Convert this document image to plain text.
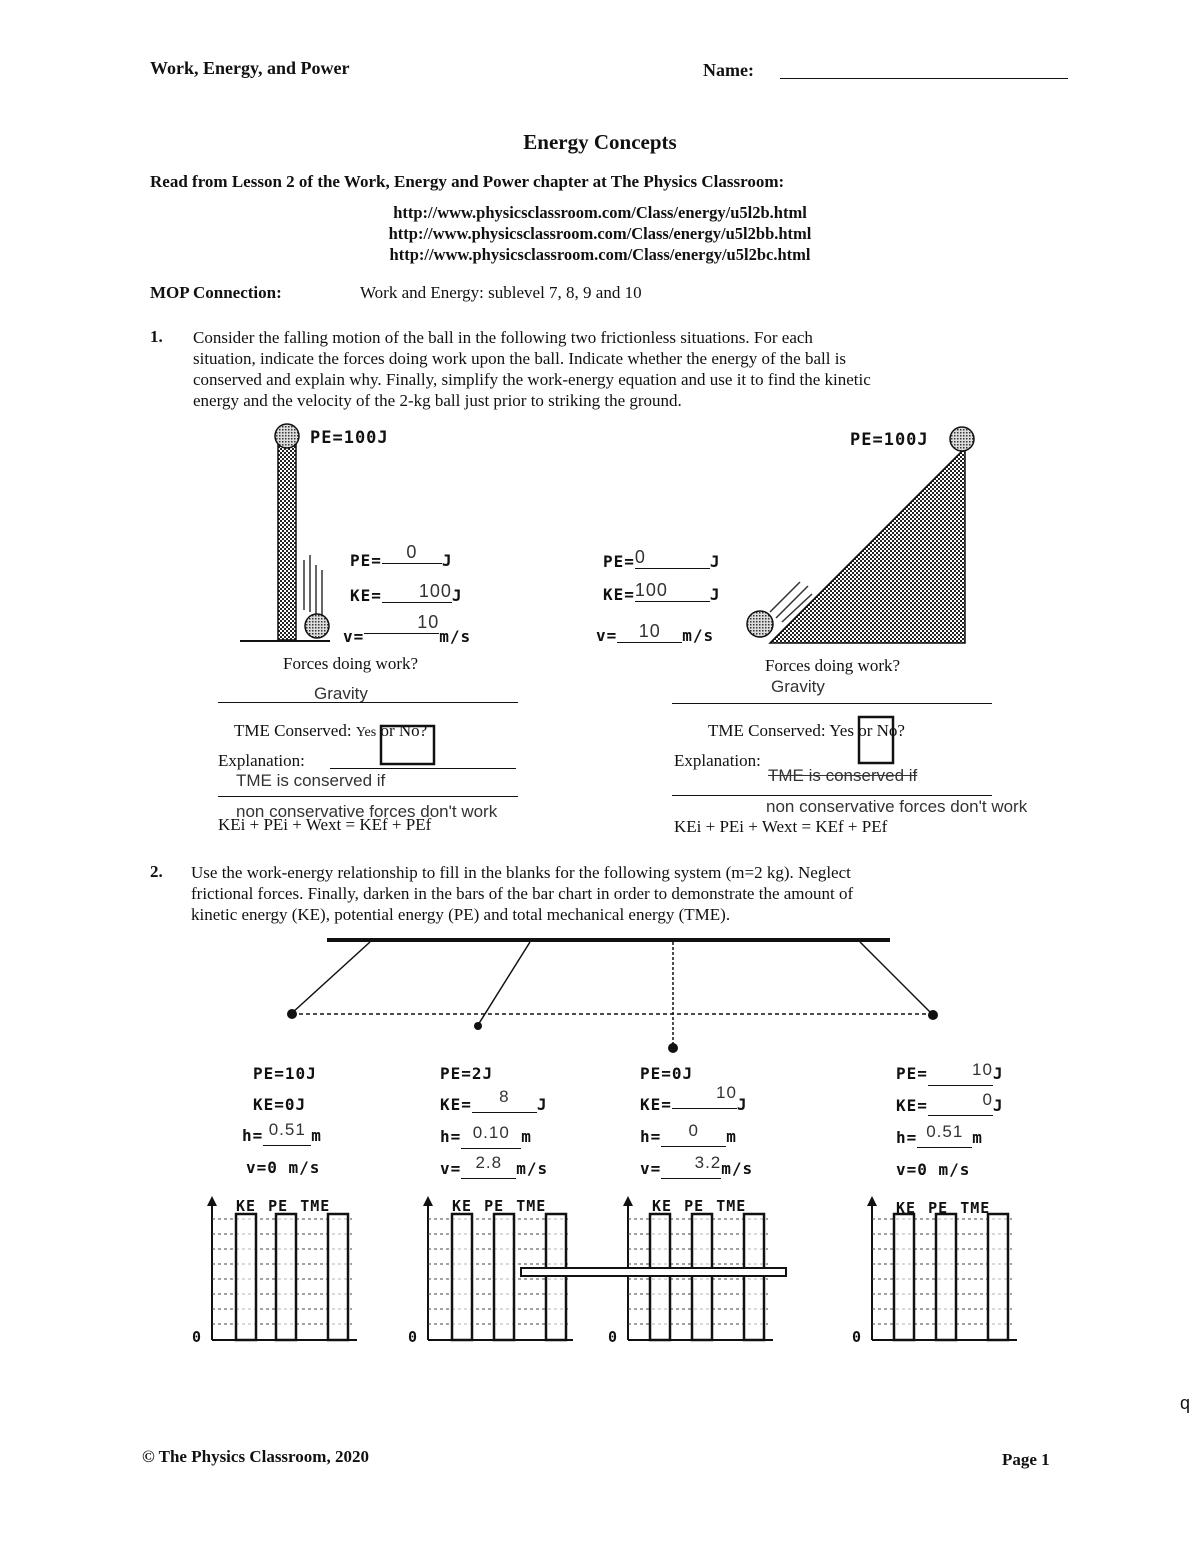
Work, Energy, and Power	Name:
Energy Concepts
Read from Lesson 2 of the Work, Energy and Power chapter at The Physics Classroom:
http://www.physicsclassroom.com/Class/energy/u5l2b.html
http://www.physicsclassroom.com/Class/energy/u5l2bb.html
http://www.physicsclassroom.com/Class/energy/u5l2bc.html
MOP Connection:	Work and Energy: sublevel 7, 8, 9 and 10
1. Consider the falling motion of the ball in the following two frictionless situations. For each
situation, indicate the forces doing work upon the ball. Indicate whether the energy of the ball is
conserved and explain why. Finally, simplify the work-energy equation and use it to find the kinetic
energy and the velocity of the 2-kg ball just prior to striking the ground.
PE=100J
PE= 0 J
KE= 100J
v=10m/s
Forces doing work?
Gravity
TME Conserved: Yes or No?
Explanation:
TME is conserved if
non conservative forces don't work
KEi + PEi + Wext = KEf + PEf
PE=100J
PE=0	J
KE=100	J
v= 10 m/s
Forces doing work?
Gravity
TME Conserved: Yes or No?
Explanation:
TME is conserved if
non conservative forces don't work
KEi + PEi + Wext = KEf + PEf
2. Use the work-energy relationship to fill in the blanks for the following system (m=2 kg). Neglect
frictional forces. Finally, darken in the bars of the bar chart in order to demonstrate the amount of
kinetic energy (KE), potential energy (PE) and total mechanical energy (TME).
PE=10J
KE=0J
h= 0.51 m
v=0 m/s
PE=2J
KE= 8 J
h= 0.10 m
v= 2.8 m/s
PE=0J
KE=10J
h= 0 m
v= 3.2m/s
PE=	10J
KE=	0J
h= 0.51 m
v=0 m/s
KE PE TME	KE PE TME	KE PE TME	KE PE TME
0	0	0	0
© The Physics Classroom, 2020	Page 1
q
